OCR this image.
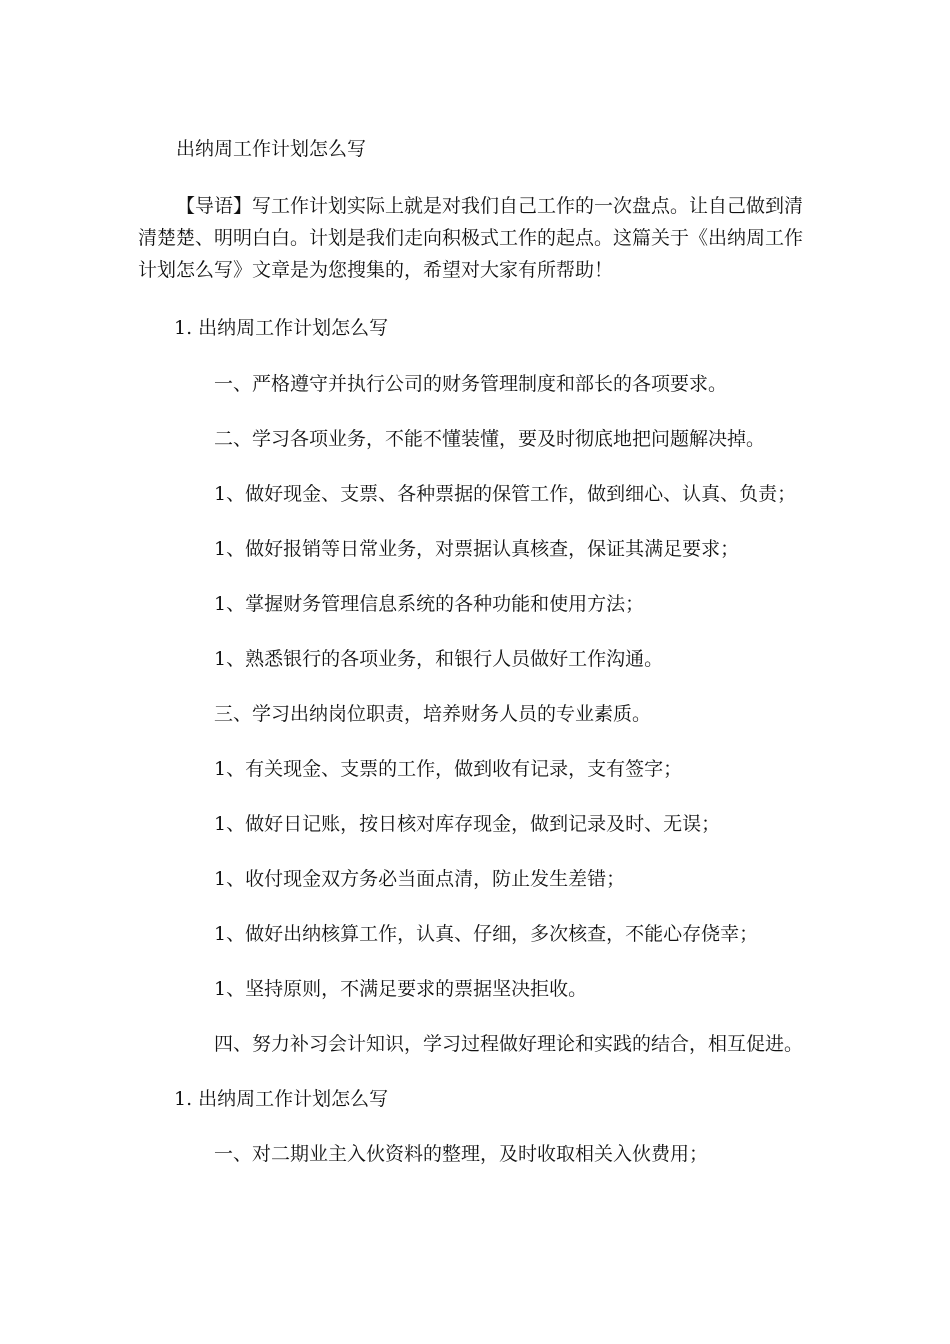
出纳周工作计划怎么写

【导语】写工作计划实际上就是对我们自己工作的一次盘点。让自己做到清清楚楚、明明白白。计划是我们走向积极式工作的起点。这篇关于《出纳周工作计划怎么写》文章是为您搜集的，希望对大家有所帮助！

1. 出纳周工作计划怎么写

一、严格遵守并执行公司的财务管理制度和部长的各项要求。

二、学习各项业务，不能不懂装懂，要及时彻底地把问题解决掉。

1、做好现金、支票、各种票据的保管工作，做到细心、认真、负责；

1、做好报销等日常业务，对票据认真核查，保证其满足要求；

1、掌握财务管理信息系统的各种功能和使用方法；

1、熟悉银行的各项业务，和银行人员做好工作沟通。

三、学习出纳岗位职责，培养财务人员的专业素质。

1、有关现金、支票的工作，做到收有记录，支有签字；

1、做好日记账，按日核对库存现金，做到记录及时、无误；

1、收付现金双方务必当面点清，防止发生差错；

1、做好出纳核算工作，认真、仔细，多次核查，不能心存侥幸；

1、坚持原则，不满足要求的票据坚决拒收。

四、努力补习会计知识，学习过程做好理论和实践的结合，相互促进。

1. 出纳周工作计划怎么写

一、对二期业主入伙资料的整理，及时收取相关入伙费用；
